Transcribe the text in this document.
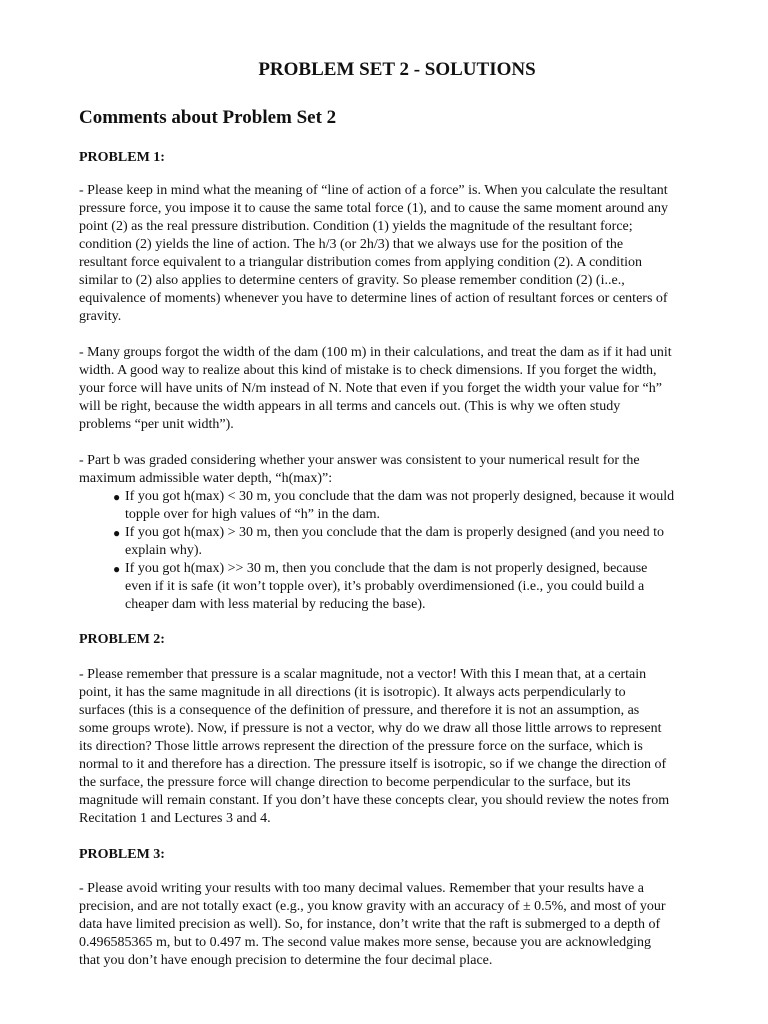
PROBLEM SET 2 - SOLUTIONS
Comments about Problem Set 2
PROBLEM 1:
- Please keep in mind what the meaning of “line of action of a force” is. When you calculate the resultant
pressure force, you impose it to cause the same total force (1), and to cause the same moment around any
point (2) as the real pressure distribution. Condition (1) yields the magnitude of the resultant force;
condition (2) yields the line of action. The h/3 (or 2h/3) that we always use for the position of the
resultant force equivalent to a triangular distribution comes from applying condition (2). A condition
similar to (2) also applies to determine centers of gravity. So please remember condition (2) (i..e.,
equivalence of moments) whenever you have to determine lines of action of resultant forces or centers of
gravity.
- Many groups forgot the width of the dam (100 m) in their calculations, and treat the dam as if it had unit
width. A good way to realize about this kind of mistake is to check dimensions. If you forget the width,
your force will have units of N/m instead of N. Note that even if you forget the width your value for “h”
will be right, because the width appears in all terms and cancels out. (This is why we often study
problems “per unit width”).
- Part b was graded considering whether your answer was consistent to your numerical result for the
maximum admissible water depth, “h(max)”:
● If you got h(max) < 30 m, you conclude that the dam was not properly designed, because it would
topple over for high values of “h” in the dam.
● If you got h(max) > 30 m, then you conclude that the dam is properly designed (and you need to
explain why).
● If you got h(max) >> 30 m, then you conclude that the dam is not properly designed, because
even if it is safe (it won’t topple over), it’s probably overdimensioned (i.e., you could build a
cheaper dam with less material by reducing the base).
PROBLEM 2:
- Please remember that pressure is a scalar magnitude, not a vector! With this I mean that, at a certain
point, it has the same magnitude in all directions (it is isotropic). It always acts perpendicularly to
surfaces (this is a consequence of the definition of pressure, and therefore it is not an assumption, as
some groups wrote). Now, if pressure is not a vector, why do we draw all those little arrows to represent
its direction? Those little arrows represent the direction of the pressure force on the surface, which is
normal to it and therefore has a direction. The pressure itself is isotropic, so if we change the direction of
the surface, the pressure force will change direction to become perpendicular to the surface, but its
magnitude will remain constant. If you don’t have these concepts clear, you should review the notes from
Recitation 1 and Lectures 3 and 4.
PROBLEM 3:
- Please avoid writing your results with too many decimal values. Remember that your results have a
precision, and are not totally exact (e.g., you know gravity with an accuracy of ± 0.5%, and most of your
data have limited precision as well). So, for instance, don’t write that the raft is submerged to a depth of
0.496585365 m, but to 0.497 m. The second value makes more sense, because you are acknowledging
that you don’t have enough precision to determine the four decimal place.
